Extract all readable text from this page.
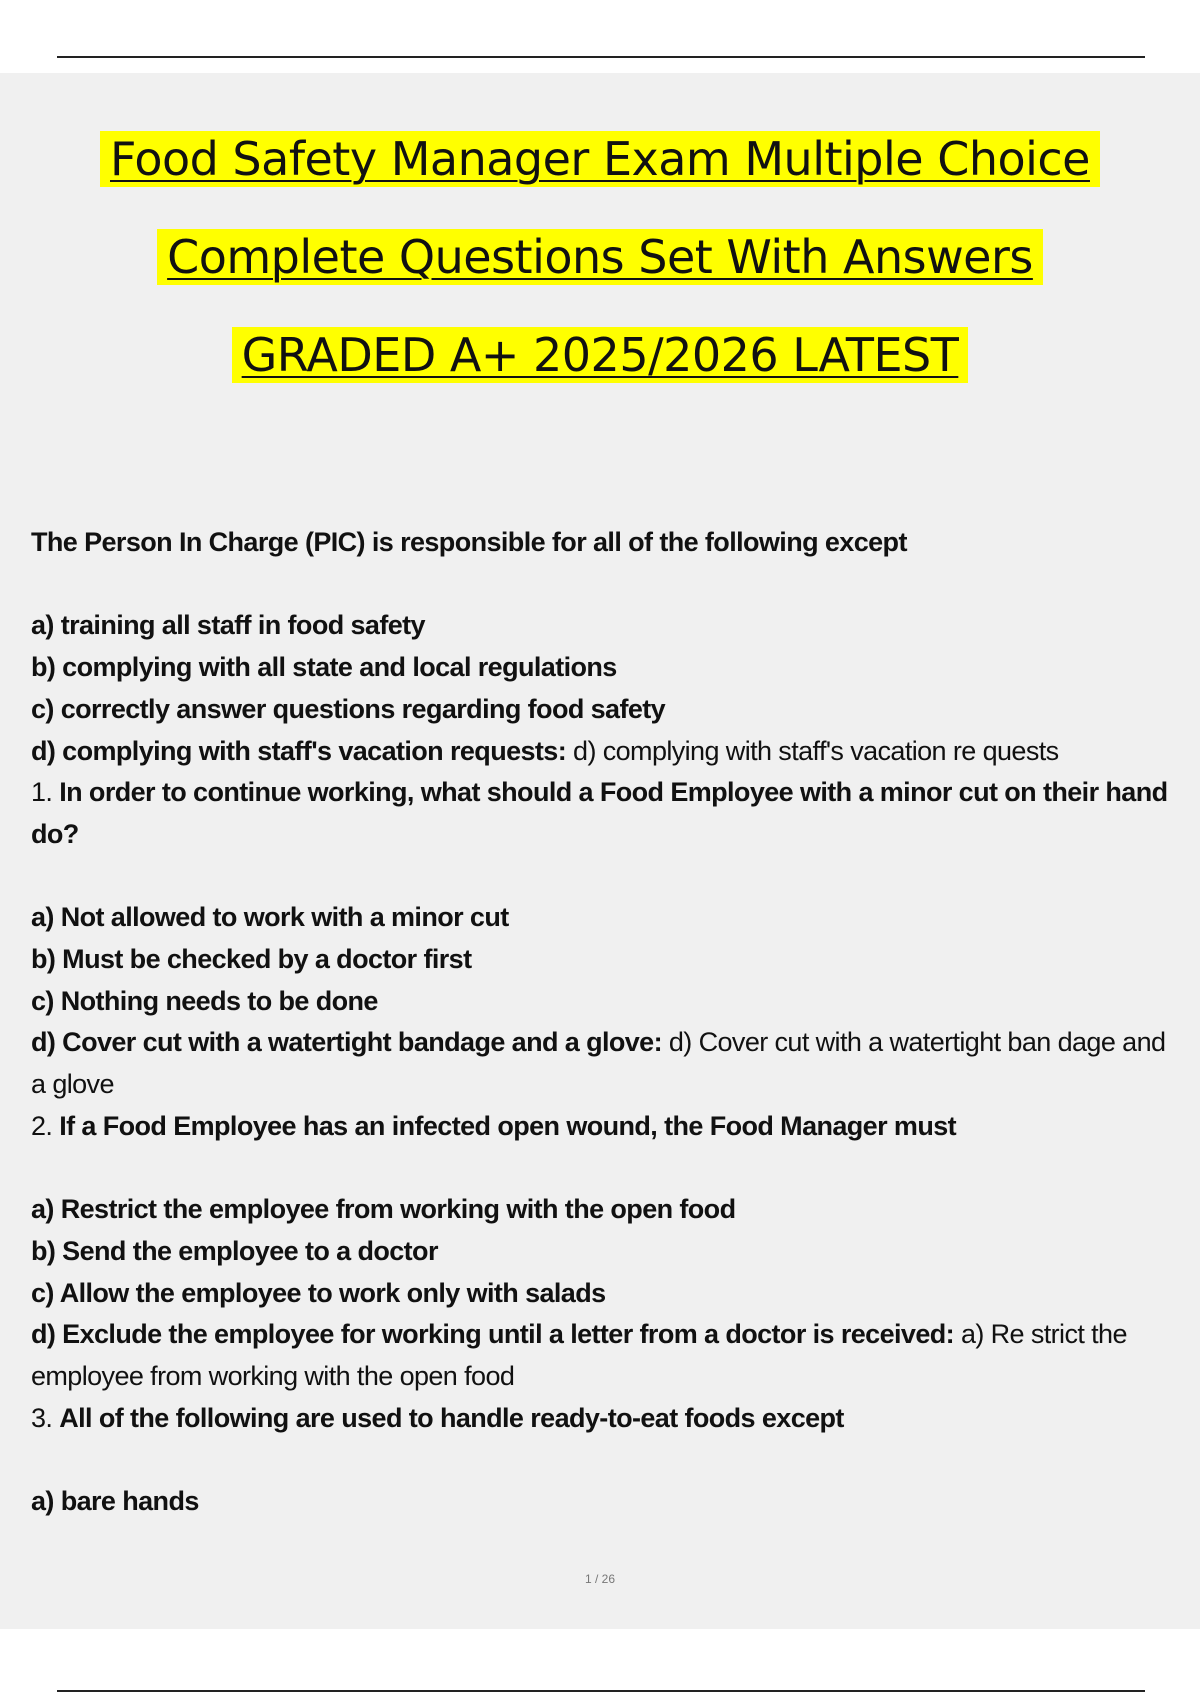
Food Safety Manager Exam Multiple Choice
Complete Questions Set With Answers
GRADED A+ 2025/2026 LATEST
The Person In Charge (PIC) is responsible for all of the following except
a) training all staff in food safety
b) complying with all state and local regulations
c) correctly answer questions regarding food safety
d) complying with staff's vacation requests: d) complying with staff's vacation re quests
1. In order to continue working, what should a Food Employee with a minor cut on their hand do?
a) Not allowed to work with a minor cut
b) Must be checked by a doctor first
c) Nothing needs to be done
d) Cover cut with a watertight bandage and a glove: d) Cover cut with a watertight ban dage and a glove
2. If a Food Employee has an infected open wound, the Food Manager must
a) Restrict the employee from working with the open food
b) Send the employee to a doctor
c) Allow the employee to work only with salads
d) Exclude the employee for working until a letter from a doctor is received: a) Re strict the employee from working with the open food
3. All of the following are used to handle ready-to-eat foods except
a) bare hands
1 / 26
